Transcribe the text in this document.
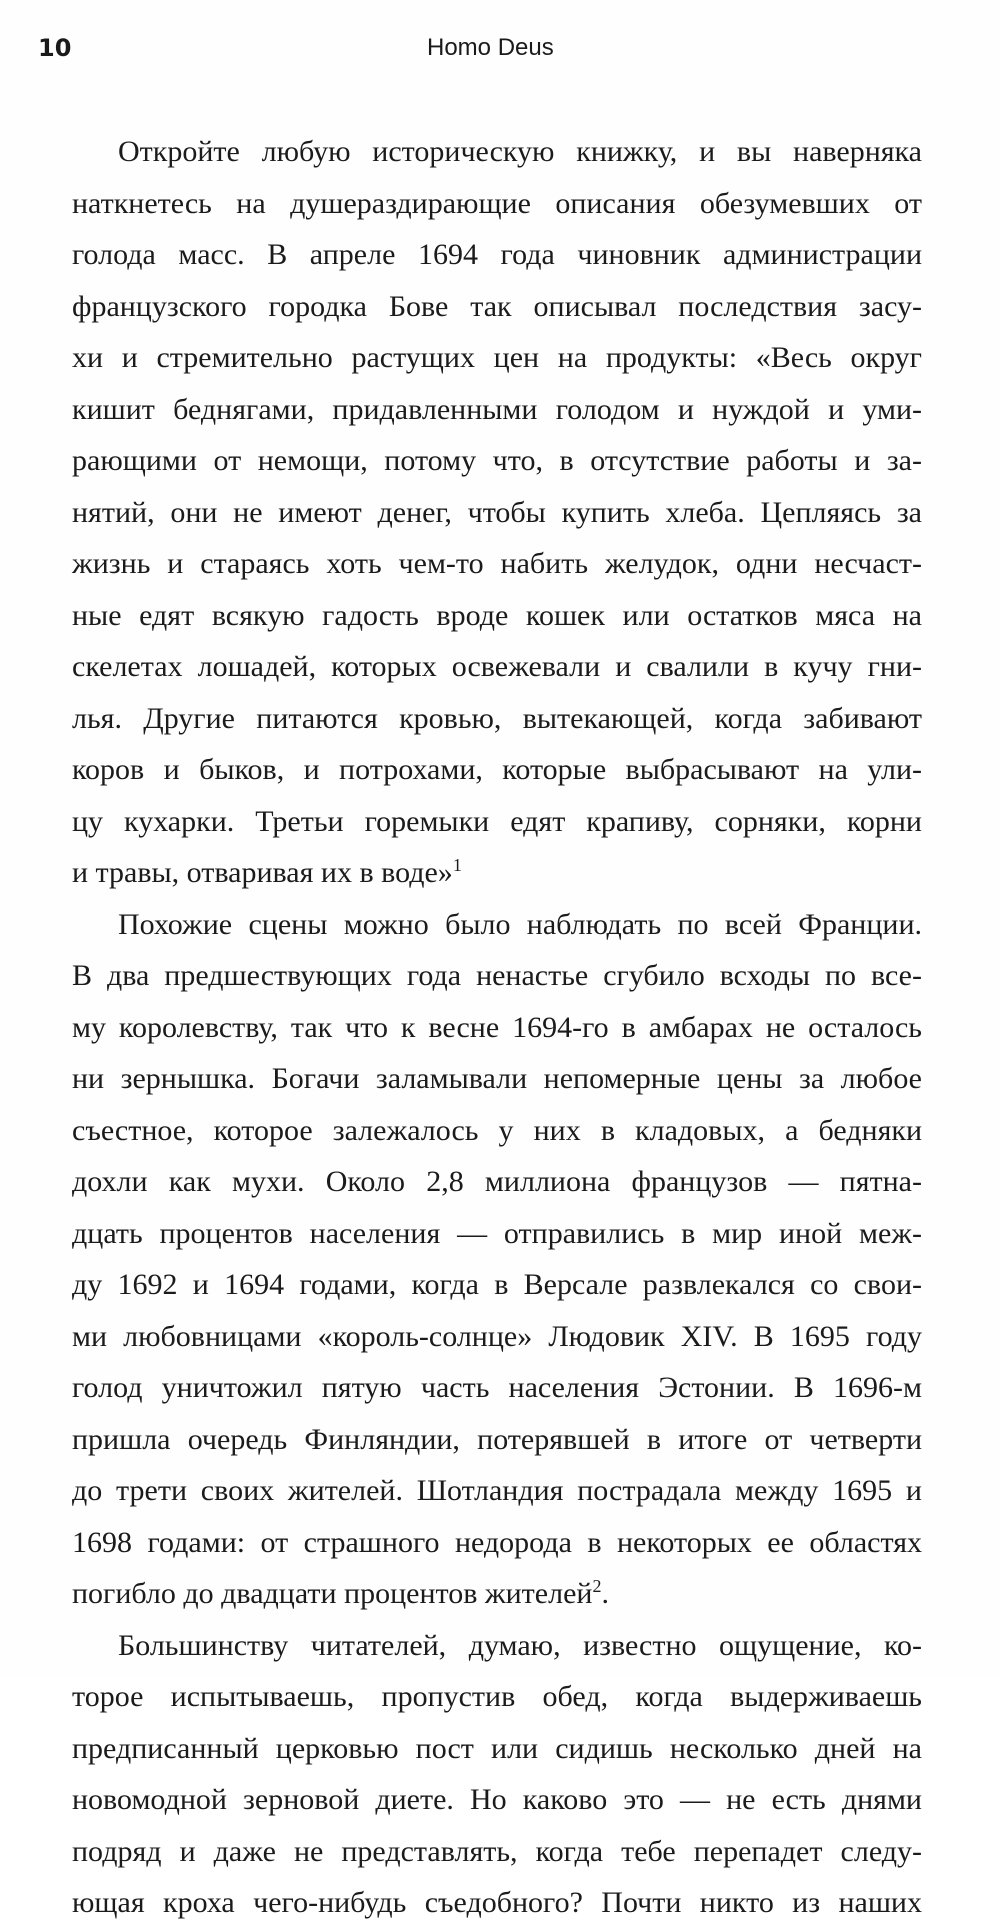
10	Homo Deus
Откройте любую историческую книжку, и вы наверняка
наткнетесь на душераздирающие описания обезумевших от
голода масс. В апреле 1694 года чиновник администрации
французского городка Бове так описывал последствия засу-
хи и стремительно растущих цен на продукты: «Весь округ
кишит беднягами, придавленными голодом и нуждой и уми-
рающими от немощи, потому что, в отсутствие работы и за-
нятий, они не имеют денег, чтобы купить хлеба. Цепляясь за
жизнь и стараясь хоть чем-то набить желудок, одни несчаст-
ные едят всякую гадость вроде кошек или остатков мяса на
скелетах лошадей, которых освежевали и свалили в кучу гни-
лья. Другие питаются кровью, вытекающей, когда забивают
коров и быков, и потрохами, которые выбрасывают на ули-
цу кухарки. Третьи горемыки едят крапиву, сорняки, корни
и травы, отваривая их в воде»$^1$
Похожие сцены можно было наблюдать по всей Франции.
В два предшествующих года ненастье сгубило всходы по все-
му королевству, так что к весне 1694-го в амбарах не осталось
ни зернышка. Богачи заламывали непомерные цены за любое
съестное, которое залежалось у них в кладовых, а бедняки
дохли как мухи. Около 2,8 миллиона французов — пятна-
дцать процентов населения — отправились в мир иной меж-
ду 1692 и 1694 годами, когда в Версале развлекался со свои-
ми любовницами «король-солнце» Людовик XIV. В 1695 году
голод уничтожил пятую часть населения Эстонии. В 1696-м
пришла очередь Финляндии, потерявшей в итоге от четверти
до трети своих жителей. Шотландия пострадала между 1695 и
1698 годами: от страшного недорода в некоторых ее областях
погибло до двадцати процентов жителей$^2$.
Большинству читателей, думаю, известно ощущение, ко-
торое испытываешь, пропустив обед, когда выдерживаешь
предписанный церковью пост или сидишь несколько дней на
новомодной зерновой диете. Но каково это — не есть днями
подряд и даже не представлять, когда тебе перепадет следу-
ющая кроха чего-нибудь съедобного? Почти никто из наших
